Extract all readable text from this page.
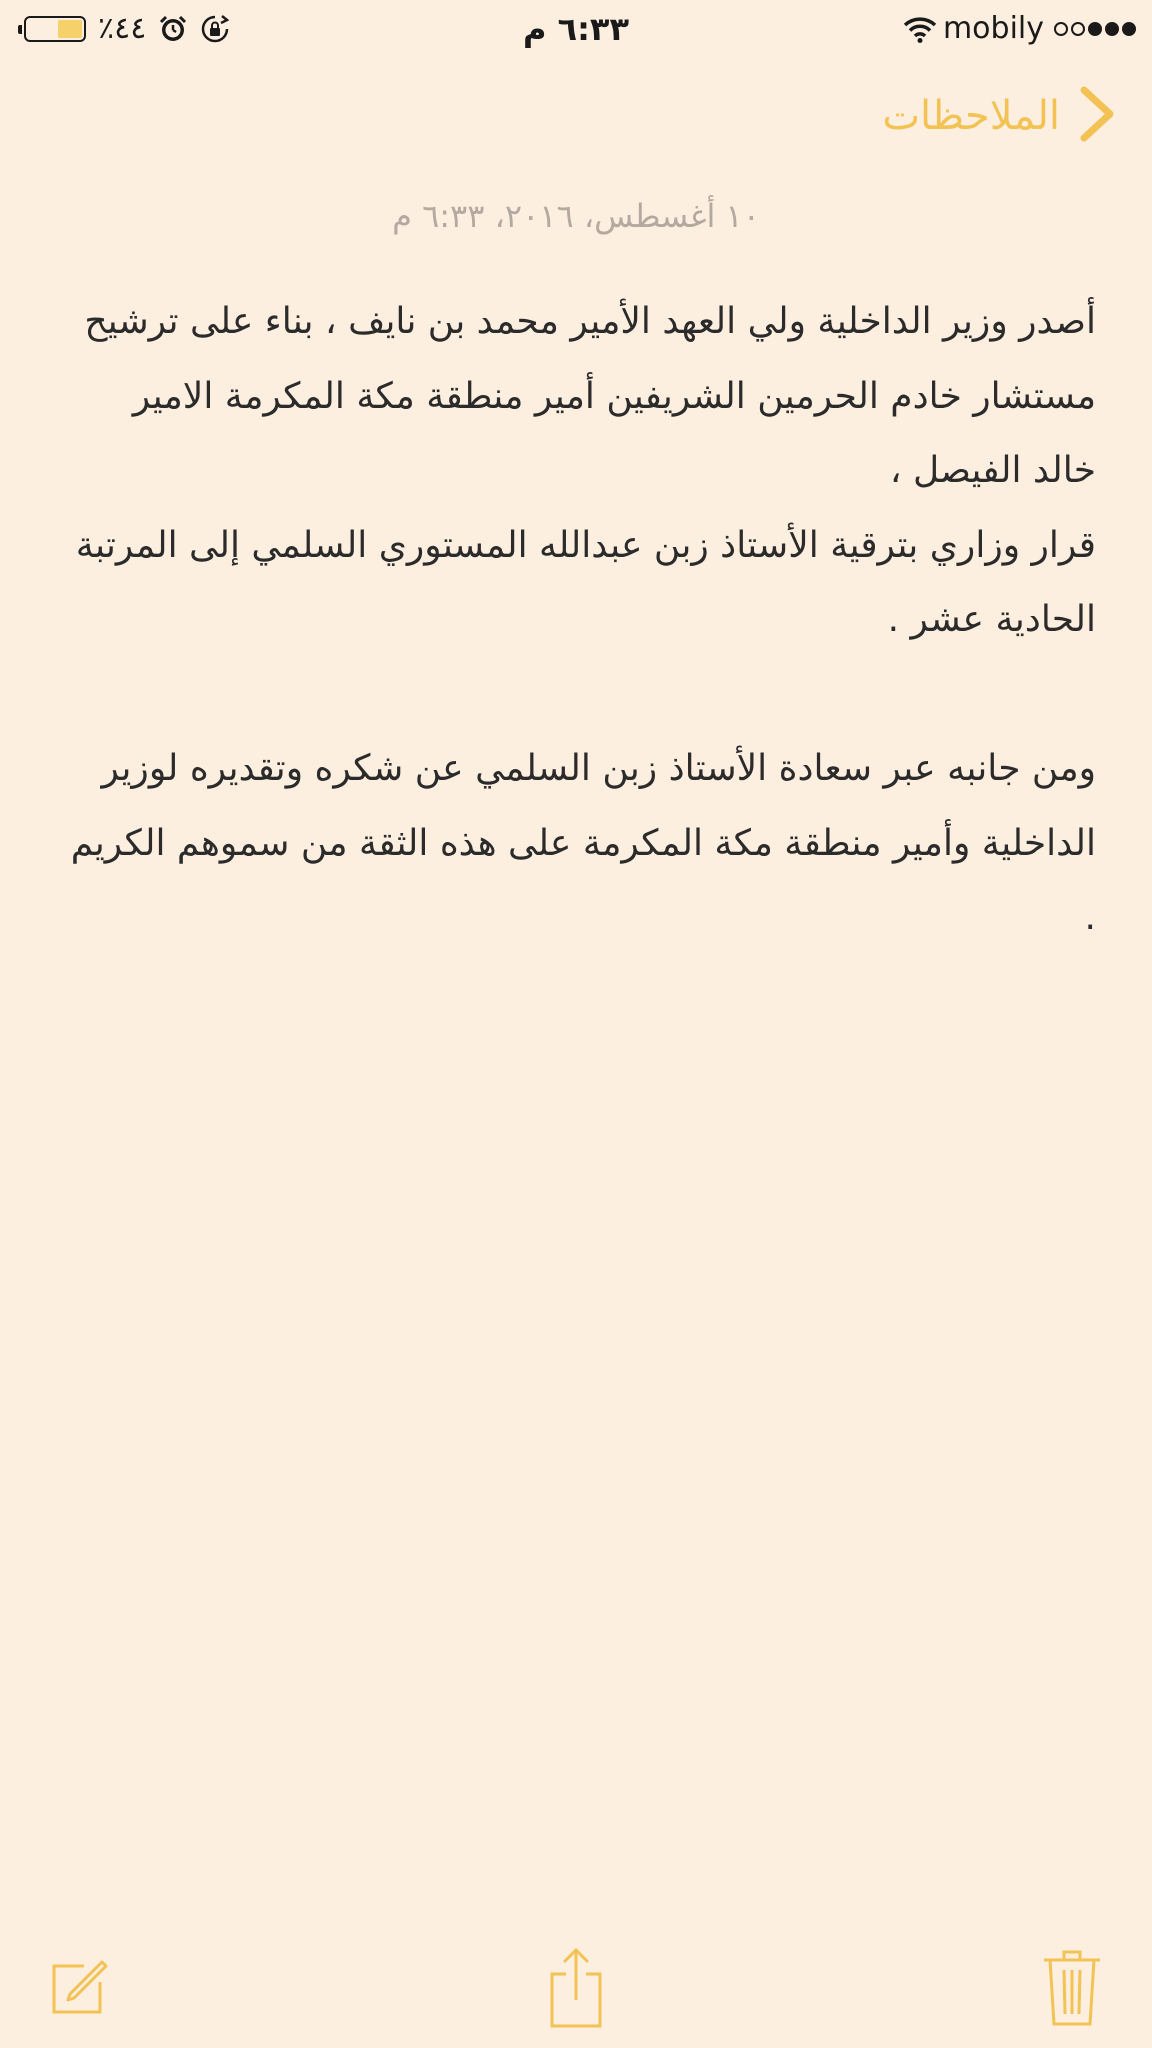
٪٤٤	٦:٣٣ م	mobily
الملاحظات
١٠ أغسطس، ٢٠١٦، ٦:٣٣ م

أصدر وزير الداخلية ولي العهد الأمير محمد بن نايف ، بناء على ترشيح مستشار خادم الحرمين الشريفين أمير منطقة مكة المكرمة الامير خالد الفيصل ،

قرار وزاري بترقية الأستاذ زبن عبدالله المستوري السلمي إلى المرتبة الحادية عشر .

ومن جانبه عبر سعادة الأستاذ زبن السلمي عن شكره وتقديره لوزير الداخلية وأمير منطقة مكة المكرمة على هذه الثقة من سموهم الكريم .
